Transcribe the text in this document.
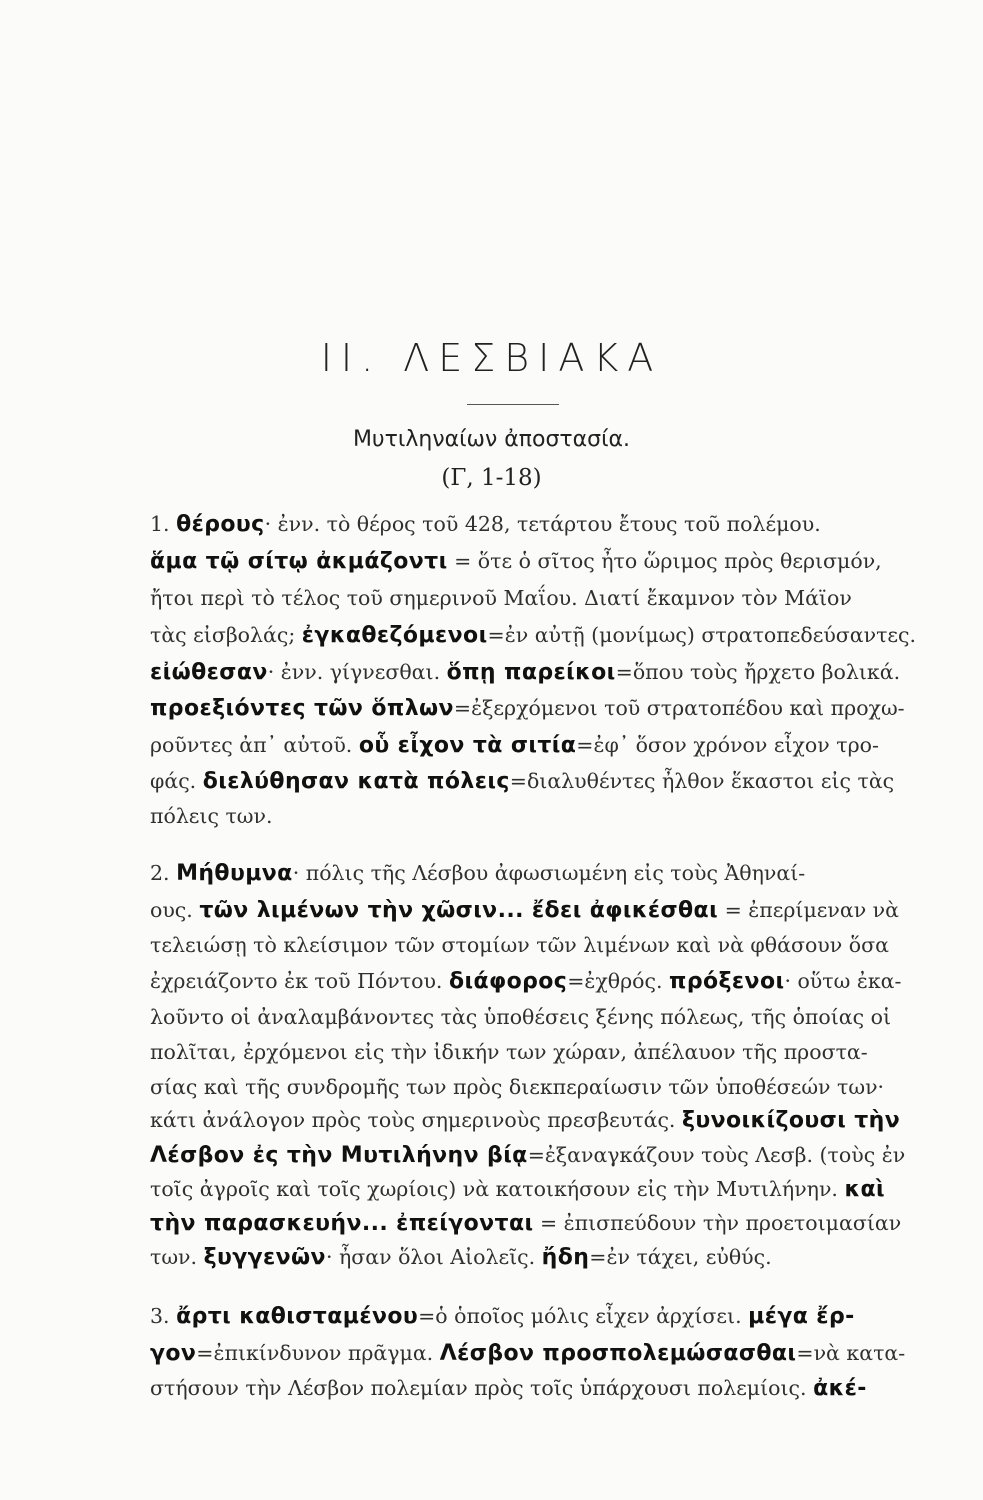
II. ΛΕΣΒΙΑΚΑ

Μυτιληναίων ἀποστασία.

(Γ, 1-18)

1. θέρους· ἐνν. τὸ θέρος τοῦ 428, τετάρτου ἔτους τοῦ πολέμου.
ἅμα τῷ σίτῳ ἀκμάζοντι = ὅτε ὁ σῖτος ἦτο ὥριμος πρὸς θερισμόν,
ἤτοι περὶ τὸ τέλος τοῦ σημερινοῦ Μαΐου. Διατί ἔκαμνον τὸν Μάϊον
τὰς εἰσβολάς; ἐγκαθεζόμενοι=ἐν αὐτῇ (μονίμως) στρατοπεδεύσαντες.
εἰώθεσαν· ἐνν. γίγνεσθαι. ὅπῃ παρείκοι=ὅπου τοὺς ἤρχετο βολικά.
προεξιόντες τῶν ὅπλων=ἐξερχόμενοι τοῦ στρατοπέδου καὶ προχω-
ροῦντες ἀπ᾽ αὐτοῦ. οὗ εἶχον τὰ σιτία=ἐφ᾽ ὅσον χρόνον εἶχον τρο-
φάς. διελύθησαν κατὰ πόλεις=διαλυθέντες ἦλθον ἕκαστοι εἰς τὰς
πόλεις των.
2. Μήθυμνα· πόλις τῆς Λέσβου ἀφωσιωμένη εἰς τοὺς Ἀθηναί-
ους. τῶν λιμένων τὴν χῶσιν... ἔδει ἀφικέσθαι = ἐπερίμεναν νὰ
τελειώσῃ τὸ κλείσιμον τῶν στομίων τῶν λιμένων καὶ νὰ φθάσουν ὅσα
ἐχρειάζοντο ἐκ τοῦ Πόντου. διάφορος=ἐχθρός. πρόξενοι· οὕτω ἐκα-
λοῦντο οἱ ἀναλαμβάνοντες τὰς ὑποθέσεις ξένης πόλεως, τῆς ὁποίας οἱ
πολῖται, ἐρχόμενοι εἰς τὴν ἰδικήν των χώραν, ἀπέλαυον τῆς προστα-
σίας καὶ τῆς συνδρομῆς των πρὸς διεκπεραίωσιν τῶν ὑποθέσεών των·
κάτι ἀνάλογον πρὸς τοὺς σημερινοὺς πρεσβευτάς. ξυνοικίζουσι τὴν
Λέσβον ἐς τὴν Μυτιλήνην βίᾳ=ἐξαναγκάζουν τοὺς Λεσβ. (τοὺς ἐν
τοῖς ἀγροῖς καὶ τοῖς χωρίοις) νὰ κατοικήσουν εἰς τὴν Μυτιλήνην. καὶ
τὴν παρασκευήν... ἐπείγονται = ἐπισπεύδουν τὴν προετοιμασίαν
των. ξυγγενῶν· ἦσαν ὅλοι Αἰολεῖς. ἤδη=ἐν τάχει, εὐθύς.
3. ἄρτι καθισταμένου=ὁ ὁποῖος μόλις εἶχεν ἀρχίσει. μέγα ἔρ-
γον=ἐπικίνδυνον πρᾶγμα. Λέσβον προσπολεμώσασθαι=νὰ κατα-
στήσουν τὴν Λέσβον πολεμίαν πρὸς τοῖς ὑπάρχουσι πολεμίοις. ἀκέ-
